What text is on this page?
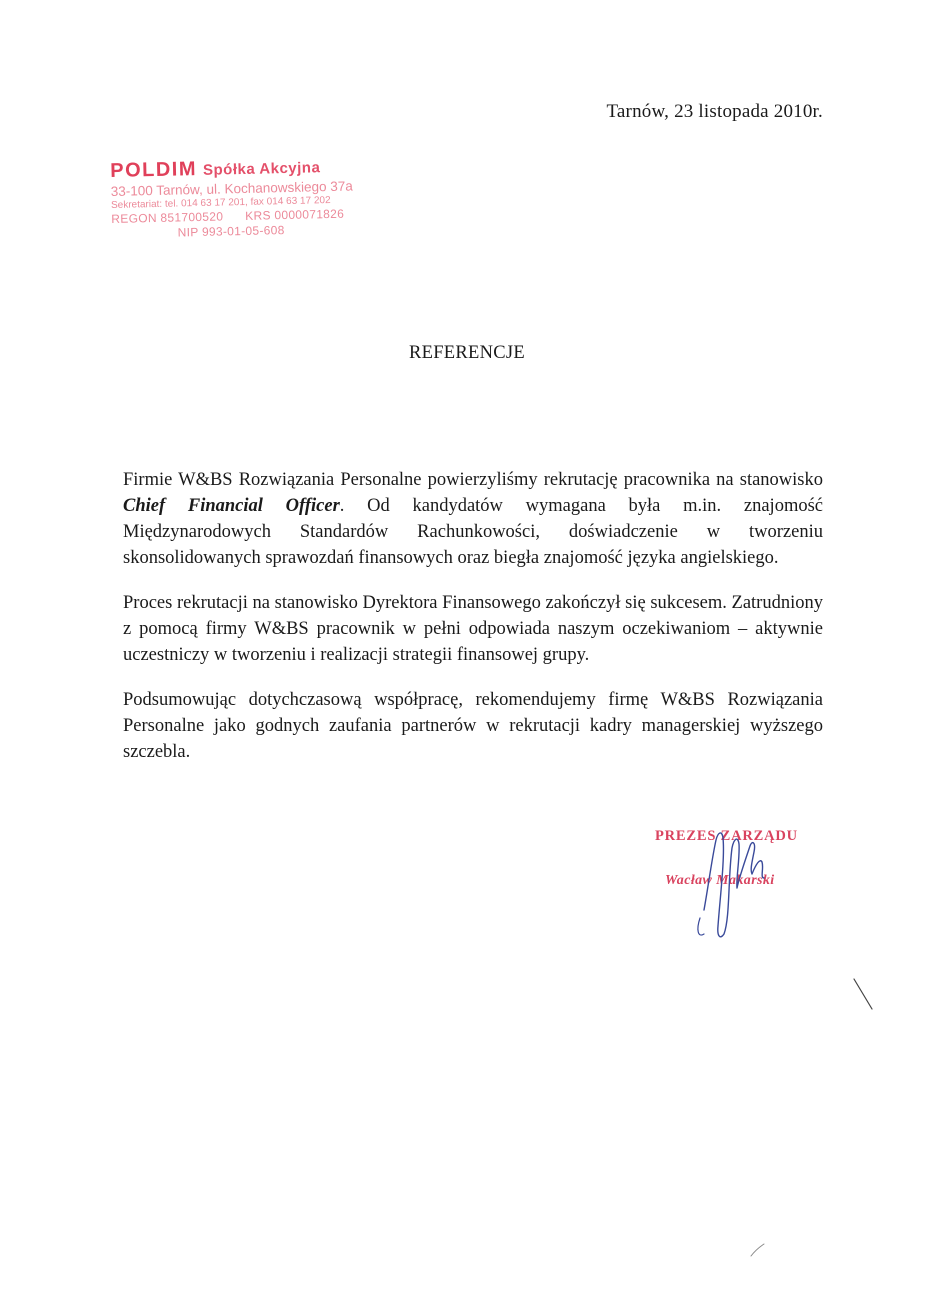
Tarnów, 23 listopada 2010r.
POLDIM Spółka Akcyjna
33-100 Tarnów, ul. Kochanowskiego 37a
Sekretariat: tel. 014 63 17 201, fax 014 63 17 202
REGON 851700520 KRS 0000071826
NIP 993-01-05-608
REFERENCJE

Firmie W&BS Rozwiązania Personalne powierzyliśmy rekrutację pracownika na stanowisko Chief Financial Officer. Od kandydatów wymagana była m.in. znajomość Międzynarodowych Standardów Rachunkowości, doświadczenie w tworzeniu skonsolidowanych sprawozdań finansowych oraz biegła znajomość języka angielskiego.

Proces rekrutacji na stanowisko Dyrektora Finansowego zakończył się sukcesem. Zatrudniony z pomocą firmy W&BS pracownik w pełni odpowiada naszym oczekiwaniom – aktywnie uczestniczy w tworzeniu i realizacji strategii finansowej grupy.

Podsumowując dotychczasową współpracę, rekomendujemy firmę W&BS Rozwiązania Personalne jako godnych zaufania partnerów w rekrutacji kadry managerskiej wyższego szczebla.

PREZES ZARZĄDU
Wacław Makarski
